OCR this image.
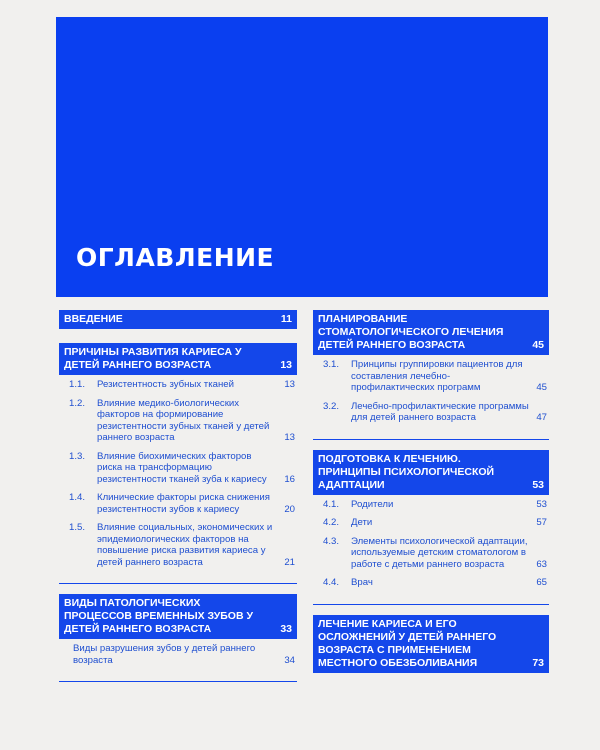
ОГЛАВЛЕНИЕ
ВВЕДЕНИЕ	11
ПРИЧИНЫ РАЗВИТИЯ КАРИЕСА У ДЕТЕЙ РАННЕГО ВОЗРАСТА	13
1.1. Резистентность зубных тканей	13
1.2. Влияние медико-биологических факторов на формирование резистентности зубных тканей у детей раннего возраста	13
1.3. Влияние биохимических факторов риска на трансформацию резистентности тканей зуба к кариесу	16
1.4. Клинические факторы риска снижения резистентности зубов к кариесу	20
1.5. Влияние социальных, экономических и эпидемиологических факторов на повышение риска развития кариеса у детей раннего возраста	21
ВИДЫ ПАТОЛОГИЧЕСКИХ ПРОЦЕССОВ ВРЕМЕННЫХ ЗУБОВ У ДЕТЕЙ РАННЕГО ВОЗРАСТА	33
Виды разрушения зубов у детей раннего возраста	34
ПЛАНИРОВАНИЕ СТОМАТОЛОГИЧЕСКОГО ЛЕЧЕНИЯ ДЕТЕЙ РАННЕГО ВОЗРАСТА	45
3.1. Принципы группировки пациентов для составления лечебно-профилактических программ	45
3.2. Лечебно-профилактические программы для детей раннего возраста	47
ПОДГОТОВКА К ЛЕЧЕНИЮ. ПРИНЦИПЫ ПСИХОЛОГИЧЕСКОЙ АДАПТАЦИИ	53
4.1. Родители	53
4.2. Дети	57
4.3. Элементы психологической адаптации, используемые детским стоматологом в работе с детьми раннего возраста	63
4.4. Врач	65
ЛЕЧЕНИЕ КАРИЕСА И ЕГО ОСЛОЖНЕНИЙ У ДЕТЕЙ РАННЕГО ВОЗРАСТА С ПРИМЕНЕНИЕМ МЕСТНОГО ОБЕЗБОЛИВАНИЯ	73
